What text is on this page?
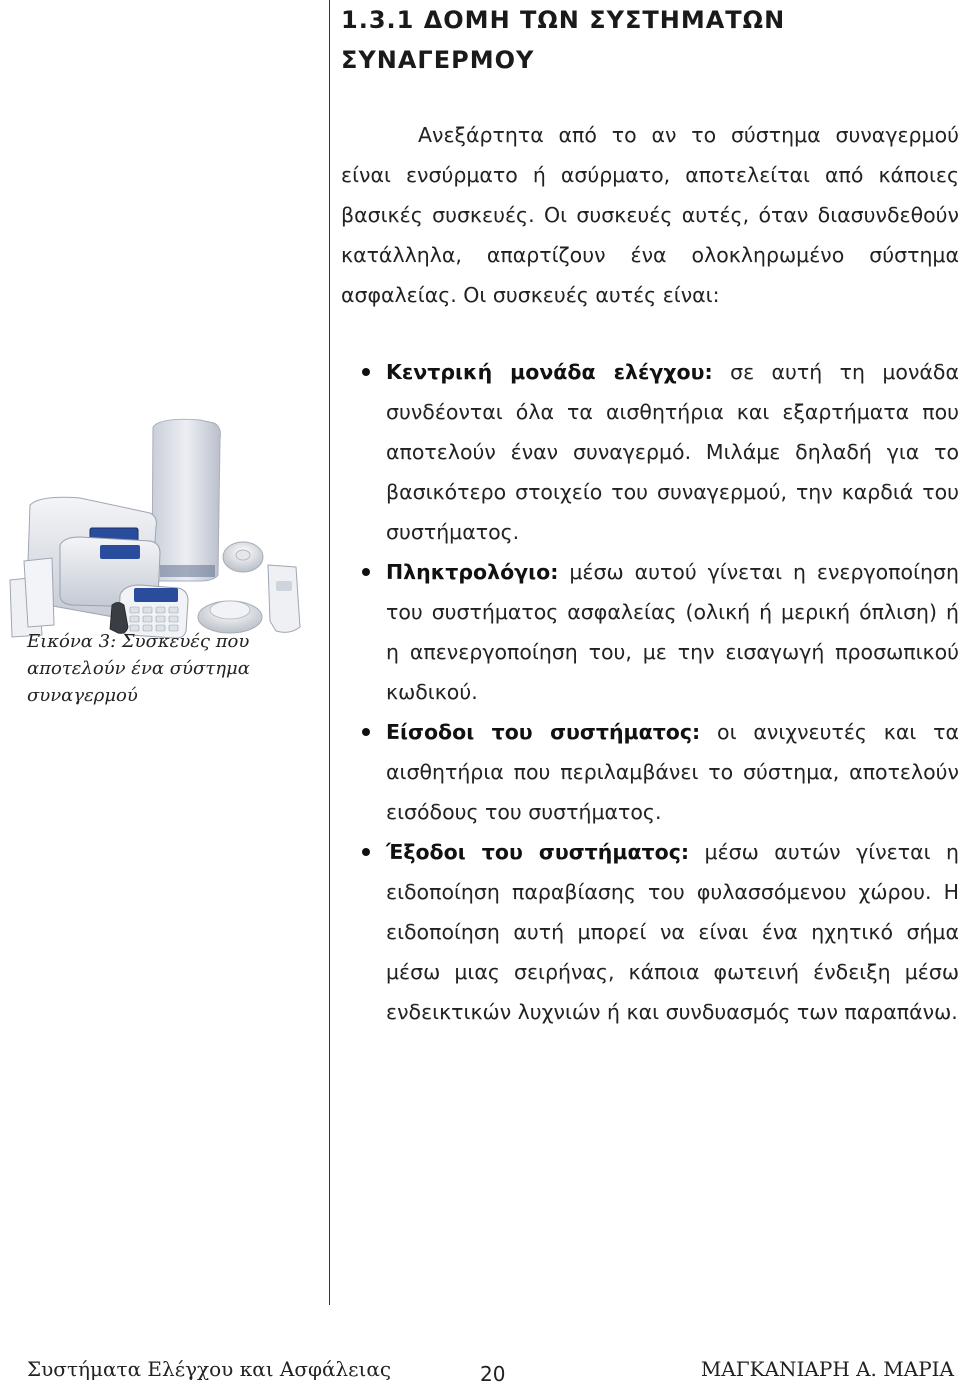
1.3.1 ΔΟΜΗ ΤΩΝ ΣΥΣΤΗΜΑΤΩΝ
ΣΥΝΑΓΕΡΜΟΥ

Ανεξάρτητα από το αν το σύστημα συναγερμού είναι ενσύρματο ή ασύρματο, αποτελείται από κάποιες βασικές συσκευές. Οι συσκευές αυτές, όταν διασυνδεθούν κατάλληλα, απαρτίζουν ένα ολοκληρωμένο σύστημα ασφαλείας. Οι συσκευές αυτές είναι:

Κεντρική μονάδα ελέγχου: σε αυτή τη μονάδα συνδέονται όλα τα αισθητήρια και εξαρτήματα που αποτελούν έναν συναγερμό. Μιλάμε δηλαδή για το βασικότερο στοιχείο του συναγερμού, την καρδιά του συστήματος.
Πληκτρολόγιο: μέσω αυτού γίνεται η ενεργοποίηση του συστήματος ασφαλείας (ολική ή μερική όπλιση) ή η απενεργοποίηση του, με την εισαγωγή προσωπικού κωδικού.
Είσοδοι του συστήματος: οι ανιχνευτές και τα αισθητήρια που περιλαμβάνει το σύστημα, αποτελούν εισόδους του συστήματος.
Έξοδοι του συστήματος: μέσω αυτών γίνεται η ειδοποίηση παραβίασης του φυλασσόμενου χώρου. Η ειδοποίηση αυτή μπορεί να είναι ένα ηχητικό σήμα μέσω μιας σειρήνας, κάποια φωτεινή ένδειξη μέσω ενδεικτικών λυχνιών ή και συνδυασμός των παραπάνω.
Εικόνα 3: Συσκευές που αποτελούν ένα σύστημα συναγερμού
Συστήματα Ελέγχου και Ασφάλειας	20	ΜΑΓΚΑΝΙΑΡΗ Α. ΜΑΡΙΑ
